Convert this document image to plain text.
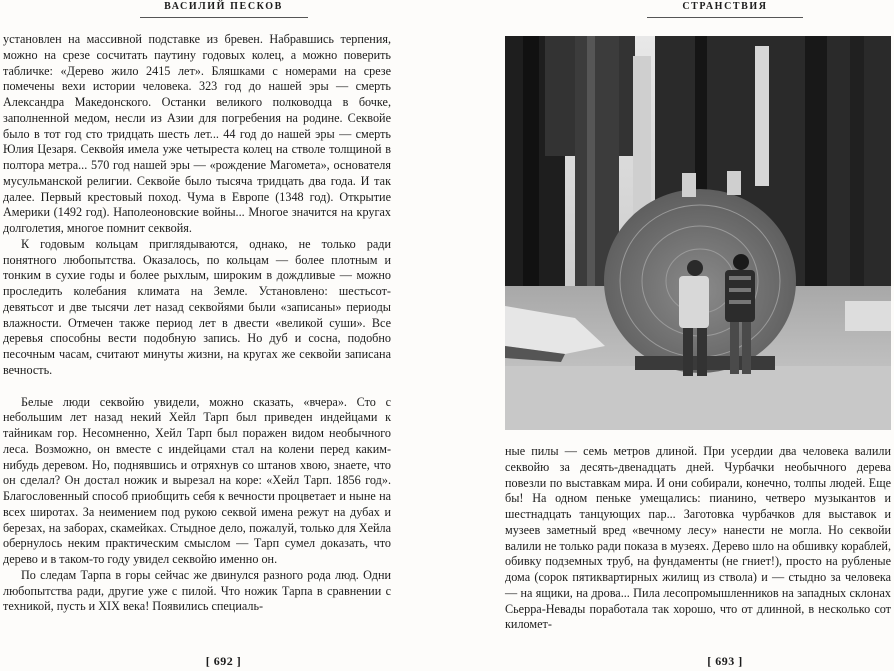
ВАСИЛИЙ ПЕСКОВ

установлен на массивной подставке из бревен. Набравшись терпения, можно на срезе сосчитать паутину годовых колец, а можно поверить табличке: «Дерево жило 2415 лет». Бляшками с номерами на срезе помечены вехи истории человека. 323 год до нашей эры — смерть Александра Македонского. Останки великого полководца в бочке, заполненной медом, несли из Азии для погребения на родине. Секвойе было в тот год сто тридцать шесть лет... 44 год до нашей эры — смерть Юлия Цезаря. Секвойя имела уже четыреста колец на стволе толщиной в полтора метра... 570 год нашей эры — «рождение Магомета», основателя мусульманской религии. Секвойе было тысяча тридцать два года. И так далее. Первый крестовый поход. Чума в Европе (1348 год). Открытие Америки (1492 год). Наполеоновские войны... Многое значится на кругах долголетия, многое помнит секвойя.

К годовым кольцам приглядываются, однако, не только ради понятного любопытства. Оказалось, по кольцам — более плотным и тонким в сухие годы и более рыхлым, широким в дождливые — можно проследить колебания климата на Земле. Установлено: шестьсот-девятьсот и две тысячи лет назад секвойями были «записаны» периоды влажности. Отмечен также период лет в двести «великой суши». Все деревья способны вести подобную запись. Но дуб и сосна, подобно песочным часам, считают минуты жизни, на кругах же секвойи записана вечность.

Белые люди секвойю увидели, можно сказать, «вчера». Сто с небольшим лет назад некий Хейл Тарп был приведен индейцами к тайникам гор. Несомненно, Хейл Тарп был поражен видом необычного леса. Возможно, он вместе с индейцами стал на колени перед каким-нибудь деревом. Но, поднявшись и отряхнув со штанов хвою, знаете, что он сделал? Он достал ножик и вырезал на коре: «Хейл Тарп. 1856 год». Благословенный способ приобщить себя к вечности процветает и ныне на всех широтах. За неимением под рукою секвой имена режут на дубах и березах, на заборах, скамейках. Стыдное дело, пожалуй, только для Хейла обернулось неким практическим смыслом — Тарп сумел доказать, что дерево и в таком-то году увидел секвойю именно он.

По следам Тарпа в горы сейчас же двинулся разного рода люд. Одни любопытства ради, другие уже с пилой. Что ножик Тарпа в сравнении с техникой, пусть и XIX века! Появились специаль-

[ 692 ]
СТРАНСТВИЯ

ные пилы — семь метров длиной. При усердии два человека валили секвойю за десять-двенадцать дней. Чурбачки необычного дерева повезли по выставкам мира. И они собирали, конечно, толпы людей. Еще бы! На одном пеньке умещались: пианино, четверо музыкантов и шестнадцать танцующих пар... Заготовка чурбачков для выставок и музеев заметный вред «вечному лесу» нанести не могла. Но секвойи валили не только ради показа в музеях. Дерево шло на обшивку кораблей, обивку подземных труб, на фундаменты (не гниет!), просто на рубленые дома (сорок пятиквартирных жилищ из ствола) и — стыдно за человека — на ящики, на дрова... Пила лесопромышленников на западных склонах Сьерра-Невады поработала так хорошо, что от длинной, в несколько сот километ-

[ 693 ]
